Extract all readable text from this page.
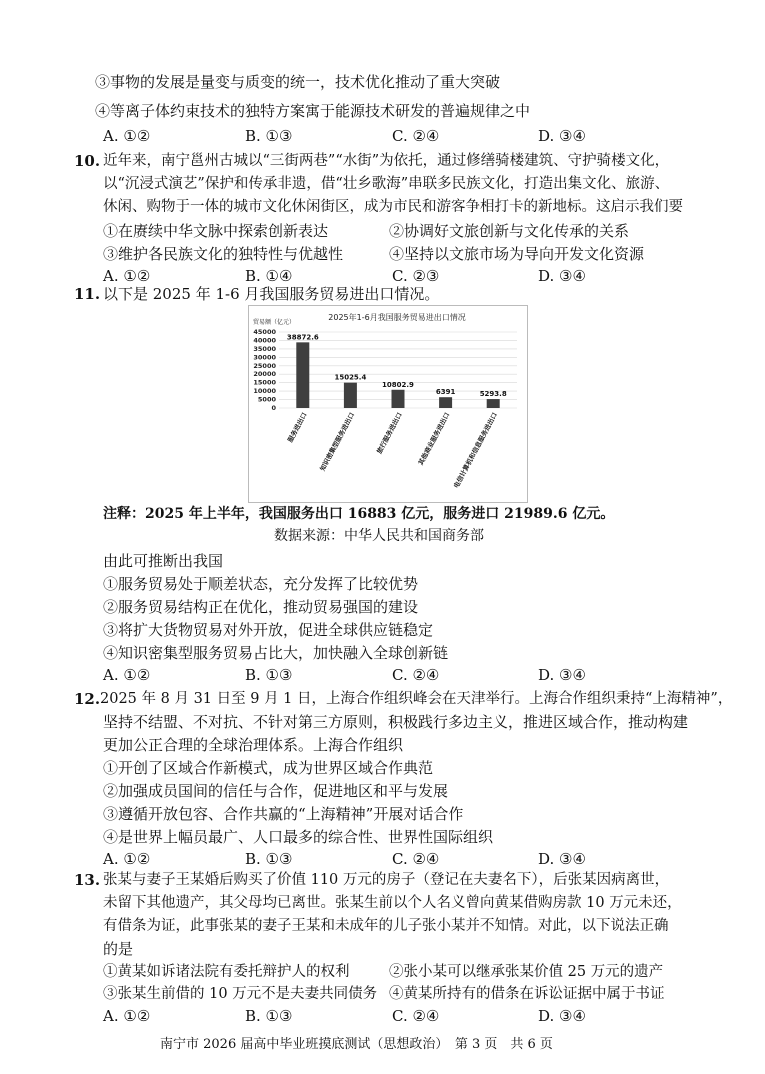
③事物的发展是量变与质变的统一，技术优化推动了重大突破
④等离子体约束技术的独特方案寓于能源技术研发的普遍规律之中
A. ①②	B. ①③	C. ②④	D. ③④
10. 近年来，南宁邕州古城以“三街两巷”“水街”为依托，通过修缮骑楼建筑、守护骑楼文化，
以“沉浸式演艺”保护和传承非遗，借“壮乡歌海”串联多民族文化，打造出集文化、旅游、
休闲、购物于一体的城市文化休闲街区，成为市民和游客争相打卡的新地标。这启示我们要
①在赓续中华文脉中探索创新表达	②协调好文旅创新与文化传承的关系
③维护各民族文化的独特性与优越性	④坚持以文旅市场为导向开发文化资源
A. ①②	B. ①④	C. ②③	D. ③④
11. 以下是 2025 年 1-6 月我国服务贸易进出口情况。
2025年1-6月我国服务贸易进出口情况
贸易额（亿元）
0
5000
10000
15000
20000
25000
30000
35000
40000
45000
38872.6
15025.4
10802.9
6391	5293.8
服务进出口 知识密集型服务进出口	旅行服务进出口 其他商业服务进出口 电信计算机和信息服务进出口
注释：2025 年上半年，我国服务出口 16883 亿元，服务进口 21989.6 亿元。
数据来源：中华人民共和国商务部
由此可推断出我国
①服务贸易处于顺差状态，充分发挥了比较优势
②服务贸易结构正在优化，推动贸易强国的建设
③将扩大货物贸易对外开放，促进全球供应链稳定
④知识密集型服务贸易占比大，加快融入全球创新链
A. ①②	B. ①③	C. ②④	D. ③④
12. 2025 年 8 月 31 日至 9 月 1 日，上海合作组织峰会在天津举行。上海合作组织秉持“上海精神”，
坚持不结盟、不对抗、不针对第三方原则，积极践行多边主义，推进区域合作，推动构建
更加公正合理的全球治理体系。上海合作组织
①开创了区域合作新模式，成为世界区域合作典范
②加强成员国间的信任与合作，促进地区和平与发展
③遵循开放包容、合作共赢的“上海精神”开展对话合作
④是世界上幅员最广、人口最多的综合性、世界性国际组织
A. ①②	B. ①③	C. ②④	D. ③④
13. 张某与妻子王某婚后购买了价值 110 万元的房子（登记在夫妻名下），后张某因病离世，
未留下其他遗产，其父母均已离世。张某生前以个人名义曾向黄某借购房款 10 万元未还，
有借条为证，此事张某的妻子王某和未成年的儿子张小某并不知情。对此，以下说法正确
的是
①黄某如诉诸法院有委托辩护人的权利	②张小某可以继承张某价值 25 万元的遗产
③张某生前借的 10 万元不是夫妻共同债务 ④黄某所持有的借条在诉讼证据中属于书证
A. ①②	B. ①③	C. ②④	D. ③④
南宁市 2026 届高中毕业班摸底测试（思想政治）　第 3 页　共 6 页
